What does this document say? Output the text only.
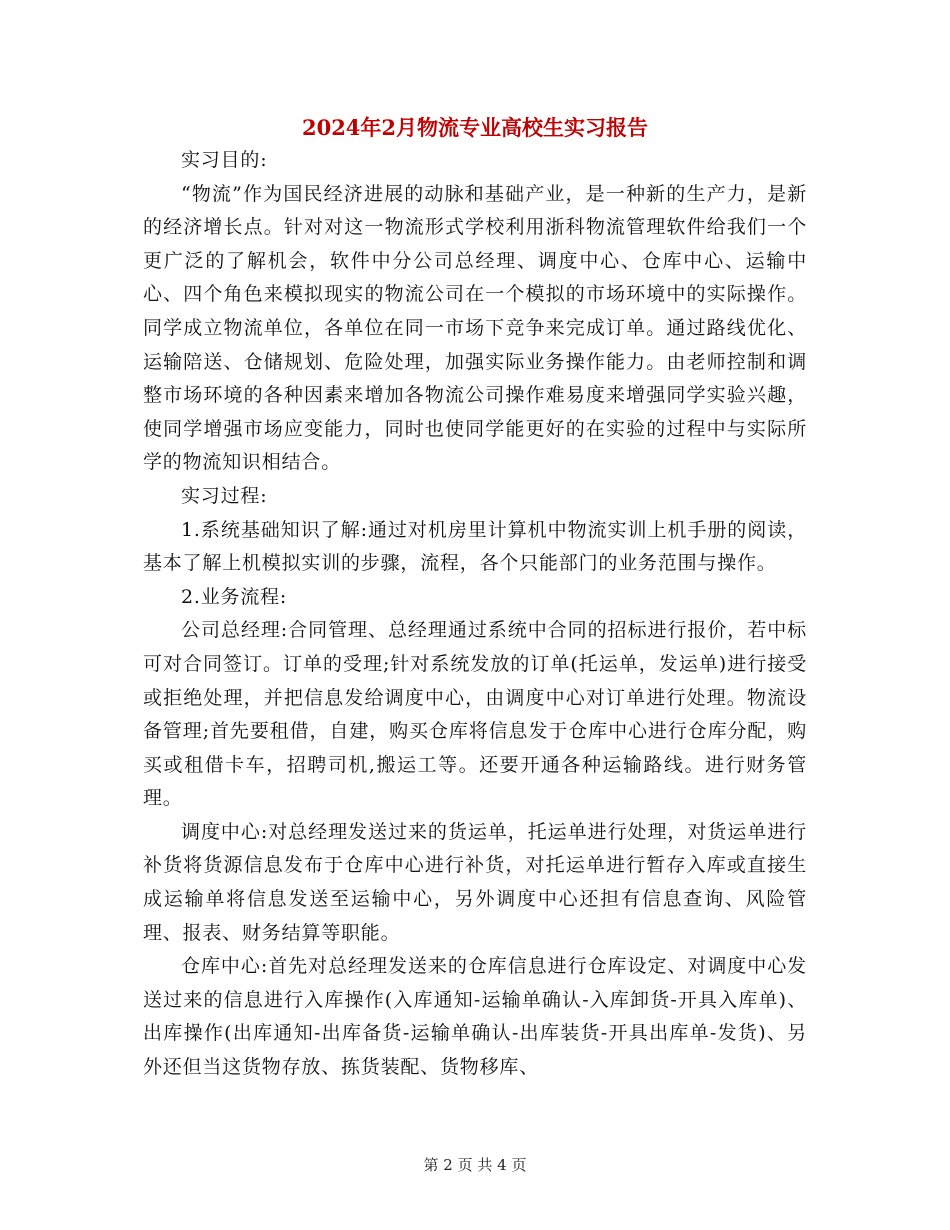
2024年2月物流专业高校生实习报告

实习目的:

“物流”作为国民经济进展的动脉和基础产业，是一种新的生产力，是新的经济增长点。针对对这一物流形式学校利用浙科物流管理软件给我们一个更广泛的了解机会，软件中分公司总经理、调度中心、仓库中心、运输中心、四个角色来模拟现实的物流公司在一个模拟的市场环境中的实际操作。同学成立物流单位，各单位在同一市场下竞争来完成订单。通过路线优化、运输陪送、仓储规划、危险处理，加强实际业务操作能力。由老师控制和调整市场环境的各种因素来增加各物流公司操作难易度来增强同学实验兴趣，使同学增强市场应变能力，同时也使同学能更好的在实验的过程中与实际所学的物流知识相结合。

实习过程:

1.系统基础知识了解:通过对机房里计算机中物流实训上机手册的阅读，基本了解上机模拟实训的步骤，流程，各个只能部门的业务范围与操作。

2.业务流程:

公司总经理:合同管理、总经理通过系统中合同的招标进行报价，若中标可对合同签订。订单的受理;针对系统发放的订单(托运单，发运单)进行接受或拒绝处理，并把信息发给调度中心，由调度中心对订单进行处理。物流设备管理;首先要租借，自建，购买仓库将信息发于仓库中心进行仓库分配，购买或租借卡车，招聘司机,搬运工等。还要开通各种运输路线。进行财务管理。

调度中心:对总经理发送过来的货运单，托运单进行处理，对货运单进行补货将货源信息发布于仓库中心进行补货，对托运单进行暂存入库或直接生成运输单将信息发送至运输中心，另外调度中心还担有信息查询、风险管理、报表、财务结算等职能。

仓库中心:首先对总经理发送来的仓库信息进行仓库设定、对调度中心发送过来的信息进行入库操作(入库通知-运输单确认-入库卸货-开具入库单)、出库操作(出库通知-出库备货-运输单确认-出库装货-开具出库单-发货)、另外还但当这货物存放、拣货装配、货物移库、

第 2 页 共 4 页
